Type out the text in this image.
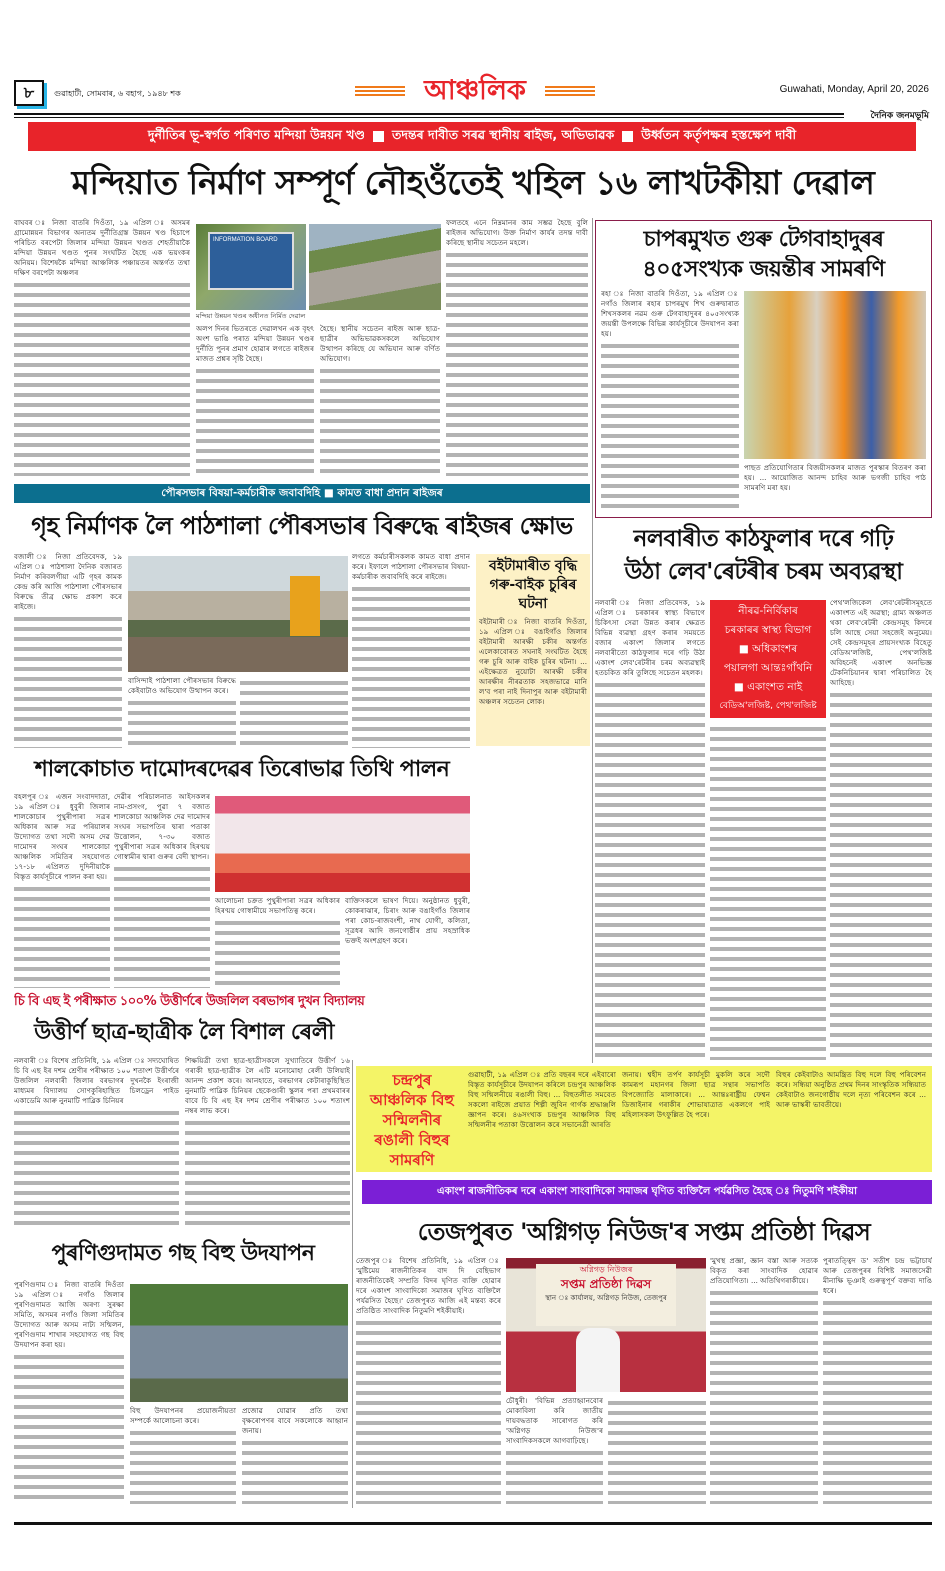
৮	গুৱাহাটী, সোমবাৰ, ৬ বহাগ, ১৯৪৮ শক	আঞ্চলিক	Guwahati, Monday, April 20, 2026
দৈনিক জনমভূমি
দুৰ্নীতিৰ ভূ-স্বৰ্গত পৰিণত মন্দিয়া উন্নয়ন খণ্ড তদন্তৰ দাবীত সৰৱ স্থানীয় ৰাইজ, অভিভাৱক উৰ্ধ্বতন কৰ্তৃপক্ষৰ হস্তক্ষেপ দাবী
মন্দিয়াত নিৰ্মাণ সম্পূৰ্ণ নৌহওঁতেই খহিল ১৬ লাখটকীয়া দেৱাল
বাঘবৰ ঃ নিজা বাতৰি দিওঁতা, ১৯ এপ্ৰিল ঃ অসমৰ গ্ৰামোন্নয়ন বিভাগৰ অন্যতম দুৰ্নীতিগ্ৰস্ত উন্নয়ন খণ্ড হিচাপে পৰিচিত বৰপেটা জিলাৰ মন্দিয়া উন্নয়ন খণ্ডত শেহতীয়াকৈ মন্দিয়া উন্নয়ন খণ্ডত পুনৰ সংঘটিত হৈছে এক ভয়ংকৰ অনিয়ম। বিশেষকৈ মন্দিয়া আঞ্চলিক পঞ্চায়তৰ অন্তৰ্গত তথা দক্ষিণ বৰপেটা অঞ্চলৰ
INFORMATION BOARD
মন্দিয়া উন্নয়ন খণ্ডৰ অধীনত নিৰ্মিত দেৱাল
অলপ দিনৰ ভিতৰতে দেৱালখন এক বৃহৎ অংশ ভাঙি পৰাত মন্দিয়া উন্নয়ন খণ্ডৰ দুৰ্নীতি পুনৰ প্ৰমাণ হোৱাৰ লগতে ৰাইজৰ মাজত প্ৰশ্নৰ সৃষ্টি হৈছে।
হৈছে। স্থানীয় সচেতন ৰাইজ আৰু ছাত্ৰ-ছাত্ৰীৰ অভিভাৱকসকলে অভিযোগ উত্থাপন কৰিছে যে অভিযান আৰু বৰ্ণিত অভিযোগ।
ফলতহে এনে নিম্নমানৰ কাম সম্ভৱ হৈছে বুলি ৰাইজৰ অভিযোগ। উক্ত নিৰ্মাণ কাৰ্যৰ তদন্ত দাবী কৰিছে স্থানীয় সচেতন মহলে।	চাপৰমুখত গুৰু টেগবাহাদুৰৰ
৪০৫সংখ্যক জয়ন্তীৰ সামৰণি
ৰহা ঃ নিজা বাতৰি দিওঁতা, ১৯ এপ্ৰিল ঃ নগাঁও জিলাৰ ৰহাৰ চাপৰমুখ শিখ গুৰুদ্বাৰাত শিখসকলৰ নৱম গুৰু টেগবাহাদুৰৰ ৪০৫সংখ্যক জয়ন্তী উপলক্ষে বিভিন্ন কাৰ্যসূচীৰে উদযাপন কৰা হয়।
পাছত প্ৰতিযোগিতাৰ বিজয়ীসকলৰ মাজত পুৰস্কাৰ বিতৰণ কৰা হয়। ... আয়োজিত আনন্দ চাহিব আৰু ভগজী চাহিব পাঠ সামৰণি মৰা হয়।
পৌৰসভাৰ বিষয়া-কৰ্মচাৰীক জবাবদিহি ■ কামত বাধা প্ৰদান ৰাইজৰ
গৃহ নিৰ্মাণক লৈ পাঠশালা পৌৰসভাৰ বিৰুদ্ধে ৰাইজৰ ক্ষোভ
বজালী ঃ নিজা প্ৰতিবেদক, ১৯ এপ্ৰিল ঃ পাঠশালা দৈনিক বজাৰত নিৰ্মাণ কৰিবলগীয়া এটি গৃহৰ কামক কেন্দ্ৰ কৰি আজি পাঠশালা পৌৰসভাৰ বিৰুদ্ধে তীব্ৰ ক্ষোভ প্ৰকাশ কৰে ৰাইজে।
বাসিন্দাই পাঠশালা পৌৰসভাৰ বিৰুদ্ধে কেইবাটাও অভিযোগ উত্থাপন কৰে।
লগতে কৰ্মচাৰীসকলক কামত বাধা প্ৰদান কৰে। ইফালে পাঠশালা পৌৰসভাৰ বিষয়া-কৰ্মচাৰীক জবাবদিহি কৰে ৰাইজে।
বইটামাৰীত বৃদ্ধি গৰু-বাইক চুৰিৰ ঘটনা
বইটামাৰী ঃ নিজা বাতৰি দিওঁতা, ১৯ এপ্ৰিল ঃ বঙাইগাঁও জিলাৰ বইটামাৰী আৰক্ষী চকীৰ অন্তৰ্গত এলেকাবোৰত সঘনাই সংঘটিত হৈছে গৰু চুৰি আৰু বাইক চুৰিৰ ঘটনা। ... এইক্ষেত্ৰত নুয়োটা আৰক্ষী চকীৰ আৰক্ষীৰ নীৰৱতাক সহজভাৱে মানি ল'ব পৰা নাই দিনাপুৰ আৰু বইটামাৰী অঞ্চলৰ সচেতন লোক।
নলবাৰীত কাঠফুলাৰ দৰে গঢ়ি
উঠা লেব'ৰেটৰীৰ চৰম অব্যৱস্থা
নলবাৰী ঃ নিজা প্ৰতিবেদক, ১৯ এপ্ৰিল ঃ চৰকাৰৰ স্বাস্থ্য বিভাগে চিকিৎসা সেৱা উন্নত কৰাৰ ক্ষেত্ৰত বিভিন্ন ব্যৱস্থা গ্ৰহণ কৰাৰ সময়তে বজাৰ একাংশ জিলাৰ লগতে নলবাৰীতো কাঠফুলাৰ দৰে গঢ়ি উঠা একাংশ লেব'ৰেটৰীৰ চৰম অব্যৱস্থাই হতচকিত কৰি তুলিছে সচেতন মহলক।
নীৰৱ-নিৰ্বিকাৰ
চৰকাৰৰ স্বাস্থ্য বিভাগ
■ অধিকাংশৰ
পয়ালগা আন্তঃগাঁথনি
■ একাংশত নাই
বেডিঅ'লজিষ্ট, পেথ'লজিষ্ট
পেথ'লজিকেল লেব'ৰেটৰীসমূহতে একাংশত এই অৱস্থা; গ্ৰাম্য অঞ্চলত থকা লেব'ৰেটৰী কেন্দ্ৰসমূহ কিদৰে চলি আছে সেয়া সহজেই অনুমেয়। সেই কেন্দ্ৰসমূহৰ প্ৰায়সংখ্যক বিহেতু বেডিঅ'লজিষ্ট, পেথ'লজিষ্ট অবিহনেই একাংশ অনভিজ্ঞ টেকনিচিয়ানৰ দ্বাৰা পৰিচালিত হৈ আহিছে।
শালকোচাত দামোদৰদেৱৰ তিৰোভাৱ তিথি পালন
বহলপুৰ ঃ এজন সংবাদদাতা, ১৯ এপ্ৰিল ঃ ধুবুৰী জিলাৰ শালকোচাৰ পুথুৰীপাৰা সত্ৰৰ অধিকাৰ আৰু সত্ৰ পৰিয়ালৰ উদ্যোগত তথা সদৌ অসম দেৱ দামোদৰ সংঘৰ শালকোচা আঞ্চলিক সমিতিৰ সহযোগত ১৭-১৮ এপ্ৰিলত দুদিনীয়াকৈ বিস্তৃত কাৰ্যসূচীৰে পালন কৰা হয়।
দেৱীৰ পৰিচালনাত আইসকলৰ নাম-প্ৰসংগ, পুৱা ৭ বজাত শালকোচা আঞ্চলিক দেৱ দামোদৰ সংঘৰ সভাপতিৰ দ্বাৰা পতাকা উত্তোলন, ৭-৩০ বজাত পুথুৰীপাৰা সত্ৰৰ অধিকাৰ হিৰণ্ময় গোস্বামীৰ দ্বাৰা গুৰুৰ বেদী স্থাপন।
আলোচনা চক্ৰত পুথুৰীপাৰা সত্ৰৰ অধিকাৰ হিৰণ্ময় গোস্বামীয়ে সভাপতিত্ব কৰে।
বাক্তিসকলে ভাষণ দিয়ে। অনুষ্ঠানত ধুবুৰী, কোকৰাঝাৰ, চিৰাং আৰু বঙাইগাঁও জিলাৰ পৰা কোচ-ৰাজবংশী, নাথ যোগী, কলিতা, সূত্ৰধৰ আদি জনগোষ্ঠীৰ প্ৰায় সহস্ৰাধিক ভক্তই অংশগ্ৰহণ কৰে।
চি বি এছ ই পৰীক্ষাত ১০০% উত্তীৰ্ণৰে উজলিল বৰভাগৰ দুখন বিদ্যালয়
উত্তীৰ্ণ ছাত্ৰ-ছাত্ৰীক লৈ বিশাল ৰেলী
নলবাৰী ঃ বিশেষ প্ৰতিনিধি, ১৯ এপ্ৰিল ঃ সদ্যঘোষিত চি বি এছ ইৰ দশম শ্ৰেণীৰ পৰীক্ষাত ১০০ শতাংশ উত্তীৰ্ণৰে উজলিল নলবাৰী জিলাৰ বৰভাগৰ দুখনকৈ ইংৰাজী মাধ্যমৰ বিদ্যালয় সোণকুৰিহাস্থিত চিলড্ৰেন পাইড একাডেমি আৰু নুনমাটি পাব্লিক চিনিয়ৰ
শিক্ষয়িত্ৰী তথা ছাত্ৰ-ছাত্ৰীসকলে সুখ্যাতিৰে উত্তীৰ্ণ ১৬ গৰাকী ছাত্ৰ-ছাত্ৰীক লৈ এটি মনোমোহা ৰেলী উলিয়াই আনন্দ প্ৰকাশ কৰে। আনহাতে, বৰভাগৰ কেটাৰাকুছিস্থিত নুনমাটি পাব্লিক চিনিয়ৰ ছেকেণ্ডাৰী স্কুলৰ পৰা প্ৰথমবাৰৰ বাবে চি বি এছ ইৰ দশম শ্ৰেণীৰ পৰীক্ষাত ১০০ শতাংশ নম্বৰ লাভ কৰে।
চন্দ্ৰপুৰ আঞ্চলিক বিহু সন্মিলনীৰ ৰঙালী বিহুৰ সামৰণি
গুৱাহাটী, ১৯ এপ্ৰিল ঃ প্ৰতি বছৰৰ দৰে এইবাৰো বিস্তৃত কাৰ্যসূচীৰে উদযাপন কৰিলে চন্দ্ৰপুৰ আঞ্চলিক বিহু সন্মিলনীয়ে ৰঙালী বিহু। ... বিহুতলীত সমবেত সকলো ৰাইজে প্ৰয়াত শিল্পী জুবিন গাৰ্গক শ্ৰদ্ধাঞ্জলি জ্ঞাপন কৰে। ৪৬সংখ্যক চন্দ্ৰপুৰ আঞ্চলিক বিহু সন্মিলনীৰ পতাকা উত্তোলন কৰে সভানেত্ৰী আৰতি
জনায়। শ্বহীদ তৰ্পণ কাৰ্যসূচী মুকলি কৰে সদৌ কামৰূপ মহানগৰ জিলা ছাত্ৰ সন্থাৰ সভাপতি বিপজ্যোতি মালাকাৰে। ... আন্তঃৰাষ্ট্ৰীয় ফেশ্বন ডিজাইনাৰ গৰাকীৰ শোভাযাত্ৰাত একলগে পাই মহিলাসকল উৎফুল্লিত হৈ পৰে।
বিহুৰ কেইবাটাও আমন্ত্ৰিত বিহু দলে বিহু পৰিবেশন কৰে। সন্ধিয়া অনুষ্ঠিত প্ৰথম দিনৰ সাংস্কৃতিক সন্ধিয়াত কেইবাটাও জনগোষ্ঠীয় দলে নৃত্য পৰিবেশন কৰে ... আৰু ভাস্কৰী ভাবতীয়ে।
একাংশ ৰাজনীতিকৰ দৰে একাংশ সাংবাদিকো সমাজৰ ঘৃণিত ব্যক্তিলৈ পৰ্যৱসিত হৈছে ঃ নিতুমণি শইকীয়া
তেজপুৰত 'অগ্নিগড় নিউজ'ৰ সপ্তম প্ৰতিষ্ঠা দিৱস
তেজপুৰ ঃ বিশেষ প্ৰতিনিধি, ১৯ এপ্ৰিল ঃ 'মুষ্টিমেয় ৰাজনীতিকৰ বাদ দি বেছিভাগ ৰাজনীতিকেই সম্প্ৰতি বিদৰ ঘৃণিত ব্যক্তি হোৱাৰ দৰে একাংশ সাংবাদিকো সমাজৰ ঘৃণিত ব্যক্তিলৈ পৰ্যৱসিত হৈছে।' তেজপুৰত আজি এই মন্তব্য কৰে প্ৰতিষ্ঠিত সাংবাদিক নিতুমণি শইকীয়াই।
অগ্নিগড় নিউজৰ
সপ্তম প্ৰতিষ্ঠা দিৱস
স্থান ঃ কাৰ্যালয়, অগ্নিগড় নিউজ, তেজপুৰ
চৌধুৰী। 'বিভিন্ন প্ৰত্যাহ্বানবোৰ মোকাবিলা কৰি জাতীয় দায়বদ্ধতাক সাৰোগত কৰি 'অগ্নিগড় নিউজ'ৰ সাংবাদিকসকলে আগবাঢ়িছে।
'মুখস্থ প্ৰজ্ঞা, জ্ঞান বস্তা আৰু সত্যক বিকৃত কৰা সাংবাদিক হোৱাৰ প্ৰতিযোগিতা। ... অতিথিগৰাকীয়ে।
পুৰাতত্ত্বিদ ড' সতীশ চন্দ্ৰ ভট্টাচাৰ্য আৰু তেজপুৰৰ বিশিষ্ট সমাজসেৱী মীনাক্ষি ভূঞাই গুৰুত্বপূৰ্ণ বক্তব্য দাঙি ধৰে।
পুৰণিগুদামত গছ বিহু উদযাপন
পুৰণিগুদাম ঃ নিজা বাতৰি দিওঁতা ১৯ এপ্ৰিল ঃ নগাঁও জিলাৰ পুৰণিগুদামত আজি অৰণ্য সুৰক্ষা সমিতি, অসমৰ নগাঁও জিলা সমিতিৰ উদ্যোগত আৰু অসম নাট্য সন্মিলন, পুৰণিগুদাম শাখাৰ সহযোগত গছ বিহু উদযাপন কৰা হয়।
বিহু উদযাপনৰ প্ৰয়োজনীয়তা সম্পৰ্কে আলোচনা কৰে।
প্ৰজোৱ যোৱাৰ প্ৰতি তথা বৃক্ষৰোপণৰ বাবে সকলোকে আহ্বান জনায়।
